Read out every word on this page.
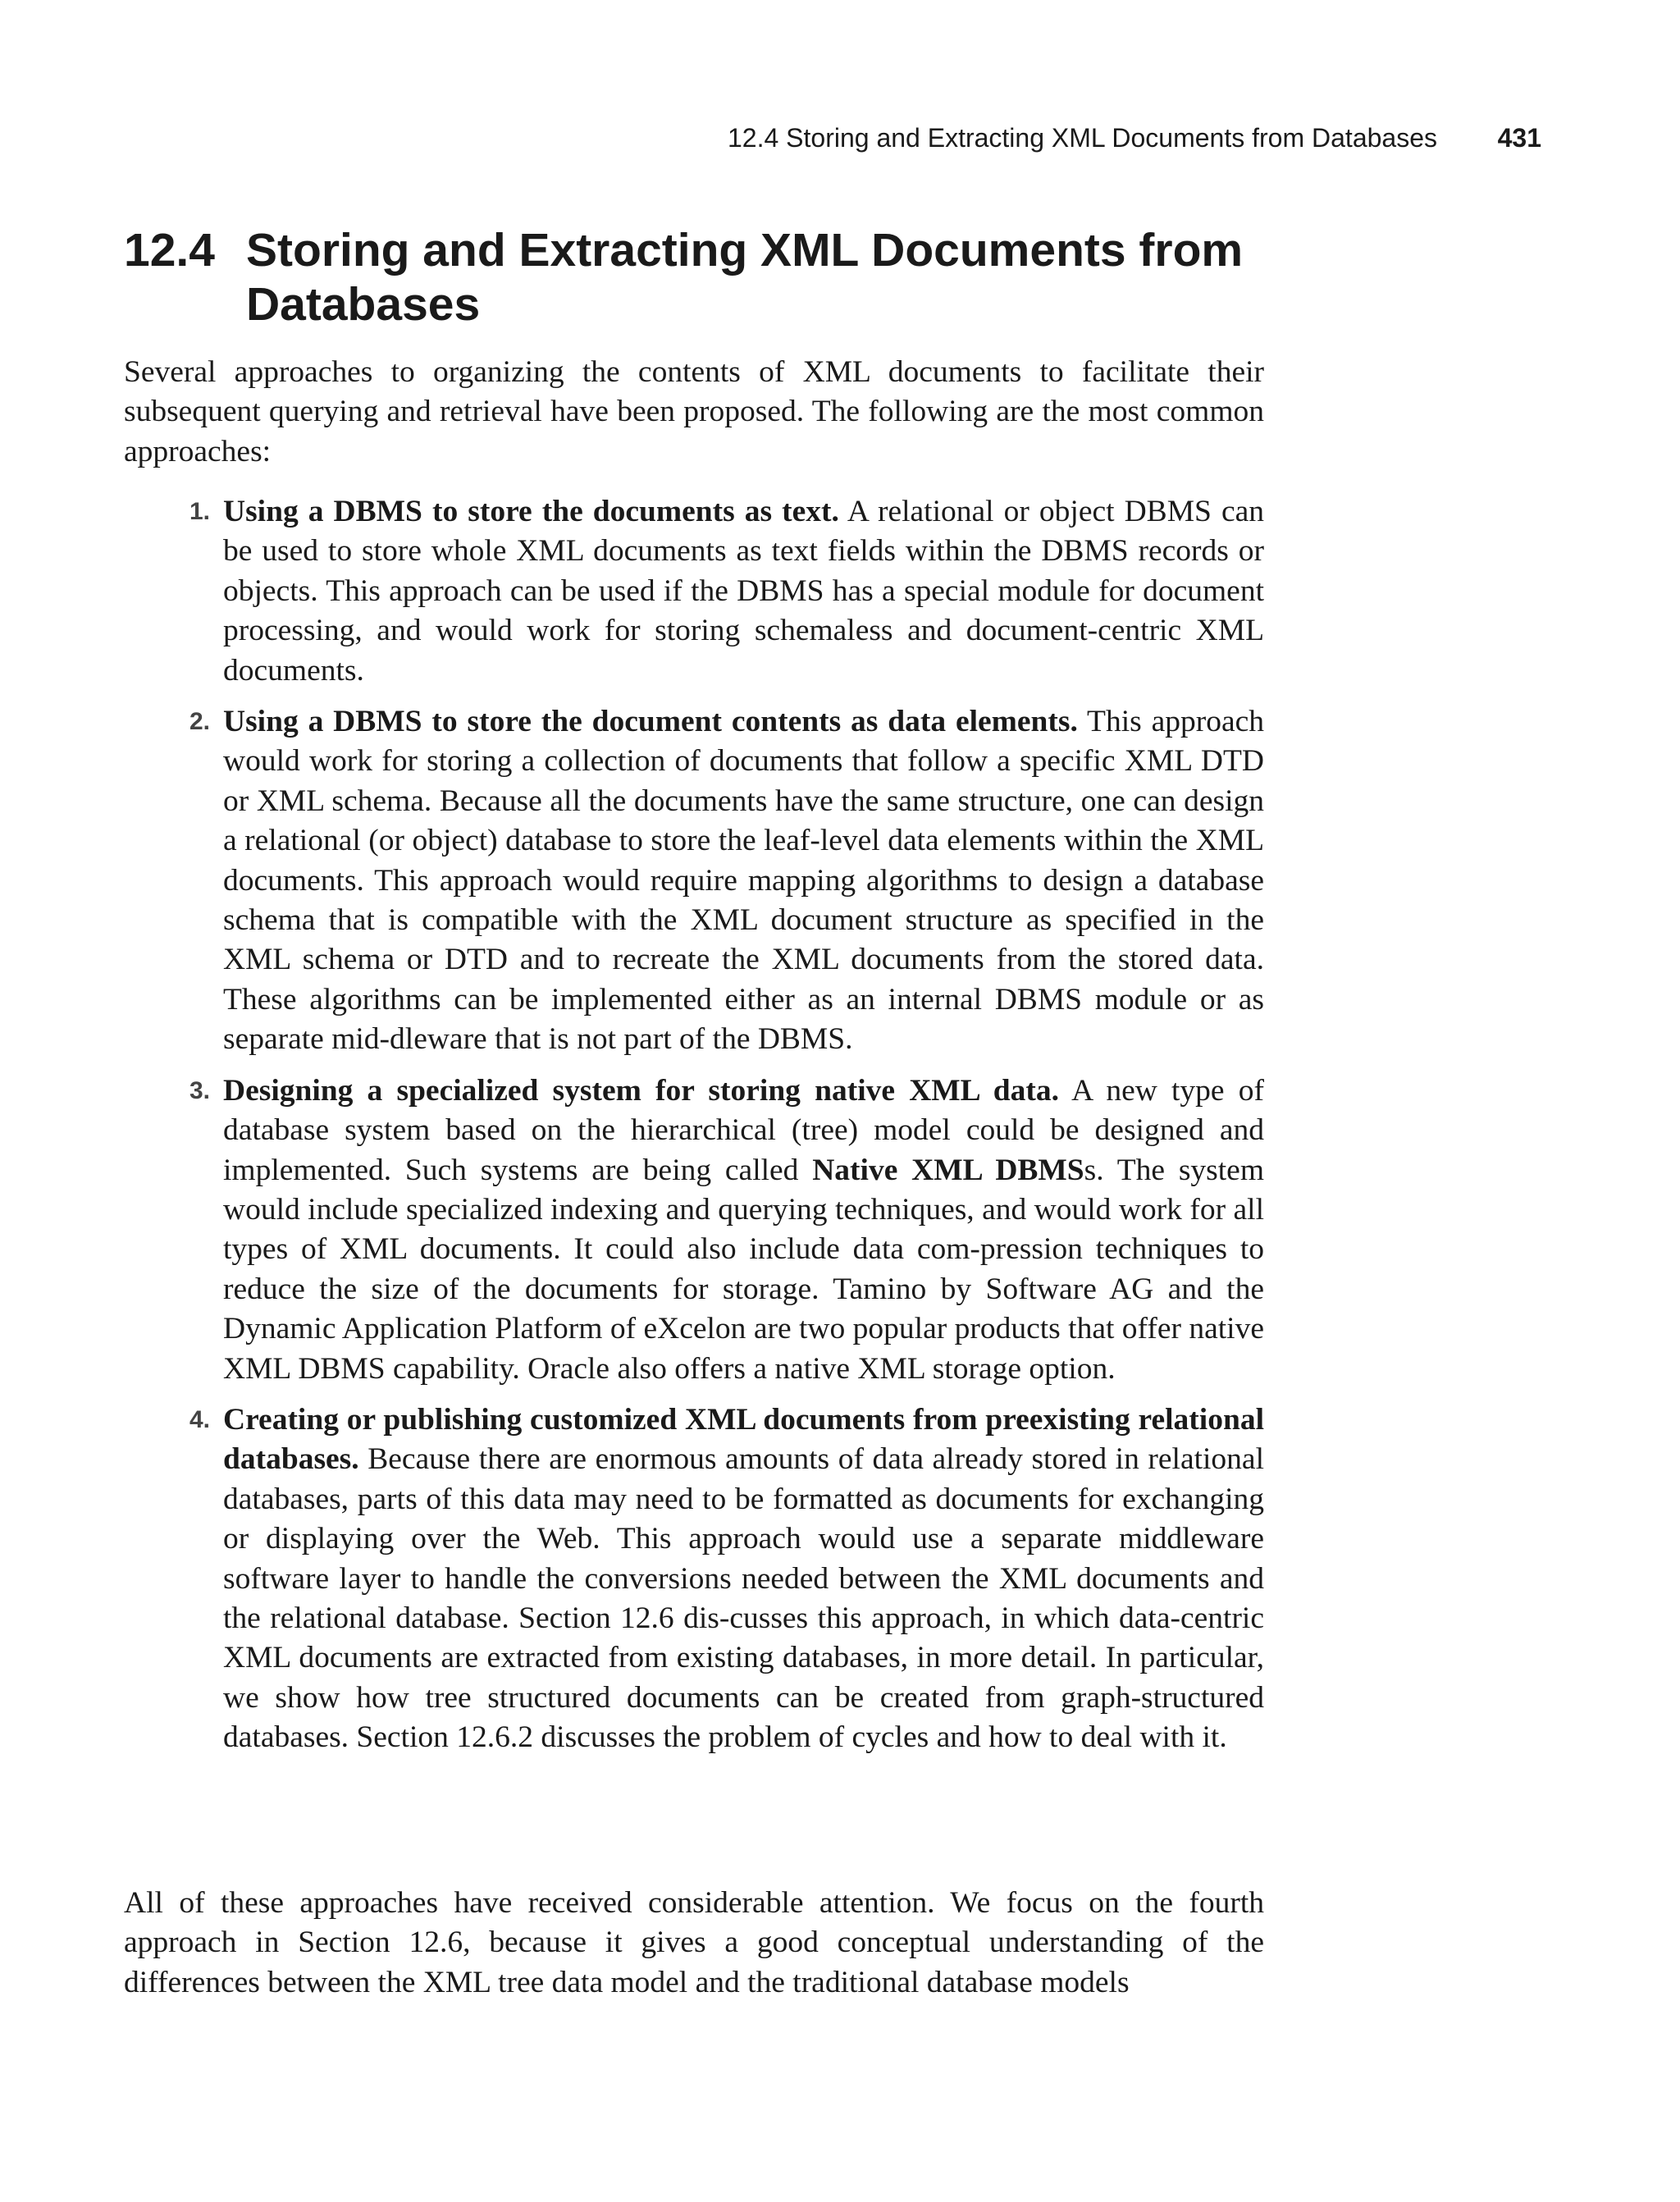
12.4 Storing and Extracting XML Documents from Databases 431
12.4 Storing and Extracting XML Documents from Databases

Several approaches to organizing the contents of XML documents to facilitate their subsequent querying and retrieval have been proposed. The following are the most common approaches:

1. Using a DBMS to store the documents as text. A relational or object DBMS can be used to store whole XML documents as text fields within the DBMS records or objects. This approach can be used if the DBMS has a special module for document processing, and would work for storing schemaless and document-centric XML documents.
2. Using a DBMS to store the document contents as data elements. This approach would work for storing a collection of documents that follow a specific XML DTD or XML schema. Because all the documents have the same structure, one can design a relational (or object) database to store the leaf-level data elements within the XML documents. This approach would require mapping algorithms to design a database schema that is compatible with the XML document structure as specified in the XML schema or DTD and to recreate the XML documents from the stored data. These algorithms can be implemented either as an internal DBMS module or as separate mid-dleware that is not part of the DBMS.
3. Designing a specialized system for storing native XML data. A new type of database system based on the hierarchical (tree) model could be designed and implemented. Such systems are being called Native XML DBMSs. The system would include specialized indexing and querying techniques, and would work for all types of XML documents. It could also include data com-pression techniques to reduce the size of the documents for storage. Tamino by Software AG and the Dynamic Application Platform of eXcelon are two popular products that offer native XML DBMS capability. Oracle also offers a native XML storage option.
4. Creating or publishing customized XML documents from preexisting relational databases. Because there are enormous amounts of data already stored in relational databases, parts of this data may need to be formatted as documents for exchanging or displaying over the Web. This approach would use a separate middleware software layer to handle the conversions needed between the XML documents and the relational database. Section 12.6 dis-cusses this approach, in which data-centric XML documents are extracted from existing databases, in more detail. In particular, we show how tree structured documents can be created from graph-structured databases. Section 12.6.2 discusses the problem of cycles and how to deal with it.

All of these approaches have received considerable attention. We focus on the fourth approach in Section 12.6, because it gives a good conceptual understanding of the differences between the XML tree data model and the traditional database models
